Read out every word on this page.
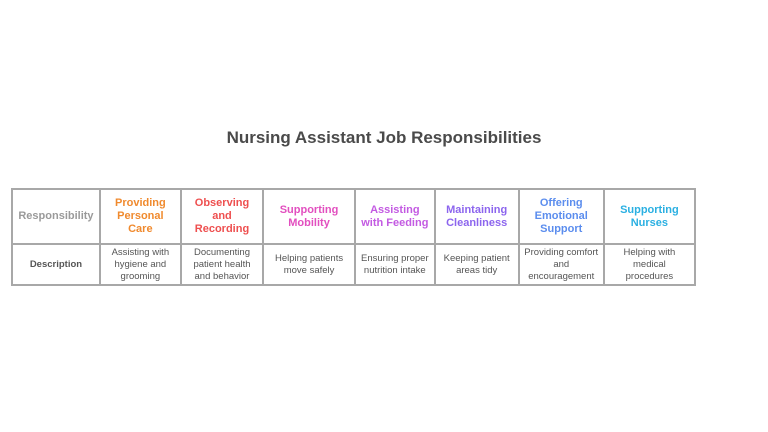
Nursing Assistant Job Responsibilities
Responsibility	Providing Personal Care	Observing and Recording	Supporting Mobility	Assisting with Feeding	Maintaining Cleanliness	Offering Emotional Support	Supporting Nurses
Description	Assisting with hygiene and grooming	Documenting patient health and behavior	Helping patients move safely	Ensuring proper nutrition intake	Keeping patient areas tidy	Providing comfort and encouragement	Helping with medical procedures
